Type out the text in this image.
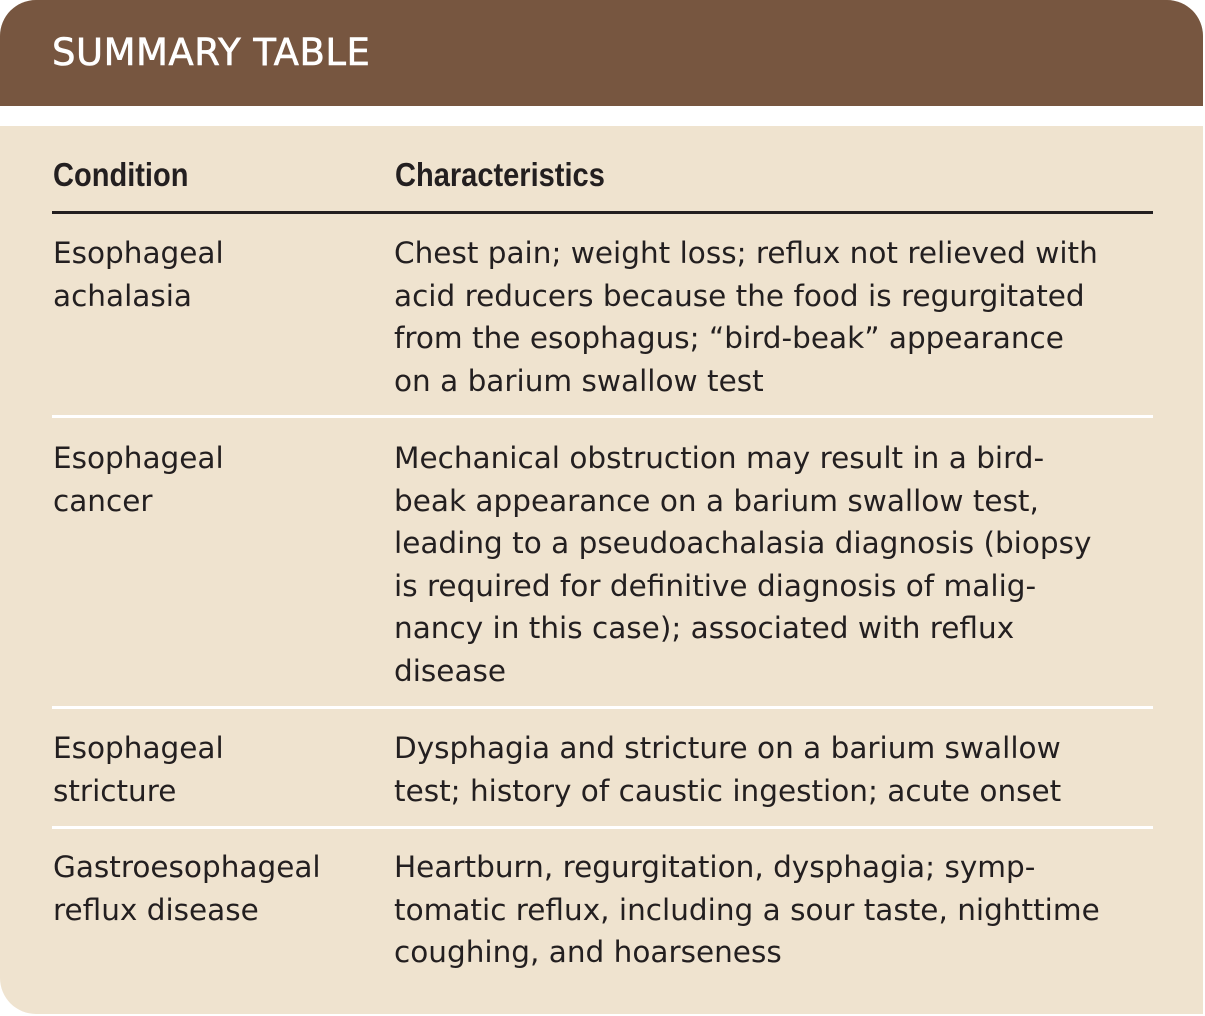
SUMMARY TABLE
Condition	Characteristics
Esophageal
achalasia
Chest pain; weight loss; reflux not relieved with
acid reducers because the food is regurgitated
from the esophagus; “bird-beak” appearance
on a barium swallow test
Esophageal
cancer
Mechanical obstruction may result in a bird-
beak appearance on a barium swallow test,
leading to a pseudoachalasia diagnosis (biopsy
is required for definitive diagnosis of malig-
nancy in this case); associated with reflux
disease
Esophageal
stricture
Dysphagia and stricture on a barium swallow
test; history of caustic ingestion; acute onset
Gastroesophageal
reflux disease
Heartburn, regurgitation, dysphagia; symp-
tomatic reflux, including a sour taste, nighttime
coughing, and hoarseness
